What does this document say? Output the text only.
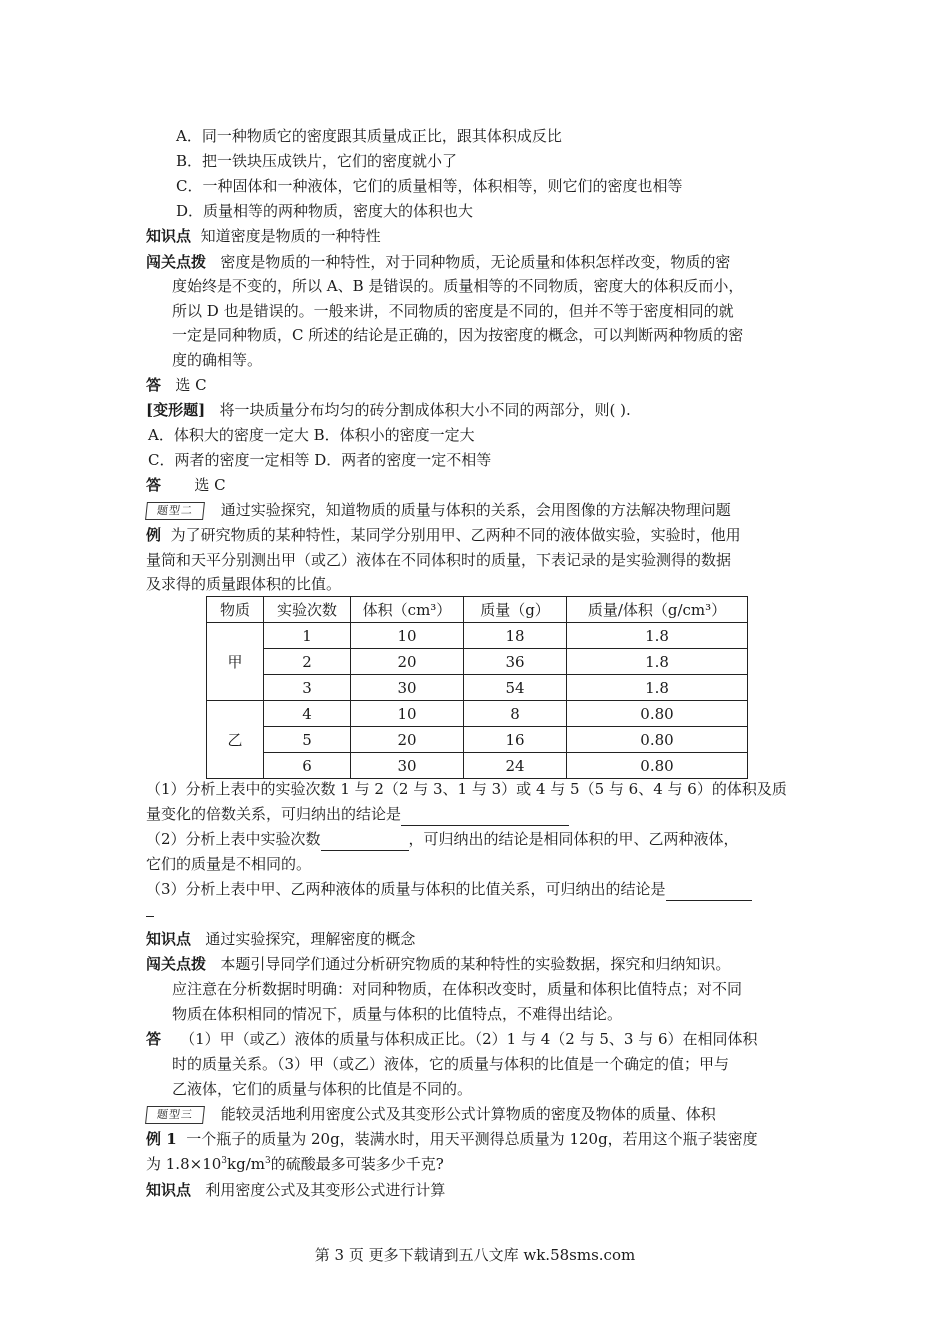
A．同一种物质它的密度跟其质量成正比，跟其体积成反比
B．把一铁块压成铁片，它们的密度就小了
C．一种固体和一种液体，它们的质量相等，体积相等，则它们的密度也相等
D．质量相等的两种物质，密度大的体积也大
知识点 知道密度是物质的一种特性
闯关点拨 密度是物质的一种特性，对于同种物质，无论质量和体积怎样改变，物质的密
度始终是不变的，所以 A、B 是错误的。质量相等的不同物质，密度大的体积反而小，
所以 D 也是错误的。一般来讲，不同物质的密度是不同的，但并不等于密度相同的就
一定是同种物质，C 所述的结论是正确的，因为按密度的概念，可以判断两种物质的密
度的确相等。
答 选 C
[变形题] 将一块质量分布均匀的砖分割成体积大小不同的两部分，则( ).
A．体积大的密度一定大 B．体积小的密度一定大
C．两者的密度一定相等 D．两者的密度一定不相等
答 选 C
题型二 通过实验探究，知道物质的质量与体积的关系，会用图像的方法解决物理问题
例 为了研究物质的某种特性，某同学分别用甲、乙两种不同的液体做实验，实验时，他用
量筒和天平分别测出甲（或乙）液体在不同体积时的质量，下表记录的是实验测得的数据
及求得的质量跟体积的比值。
物质	实验次数	体积（cm³）	质量（g）	质量/体积（g/cm³）
甲	1	10	18	1.8
	2	20	36	1.8
	3	30	54	1.8
乙	4	10	8	0.80
	5	20	16	0.80
	6	30	24	0.80
（1）分析上表中的实验次数 1 与 2（2 与 3、1 与 3）或 4 与 5（5 与 6、4 与 6）的体积及质
量变化的倍数关系，可归纳出的结论是
（2）分析上表中实验次数	，可归纳出的结论是相同体积的甲、乙两种液体，
它们的质量是不相同的。
（3）分析上表中甲、乙两种液体的质量与体积的比值关系，可归纳出的结论是
知识点 通过实验探究，理解密度的概念
闯关点拨 本题引导同学们通过分析研究物质的某种特性的实验数据，探究和归纳知识。
应注意在分析数据时明确：对同种物质，在体积改变时，质量和体积比值特点；对不同
物质在体积相同的情况下，质量与体积的比值特点，不难得出结论。
答 （1）甲（或乙）液体的质量与体积成正比。（2）1 与 4（2 与 5、3 与 6）在相同体积
时的质量关系。（3）甲（或乙）液体，它的质量与体积的比值是一个确定的值；甲与
乙液体，它们的质量与体积的比值是不同的。
题型三 能较灵活地利用密度公式及其变形公式计算物质的密度及物体的质量、体积
例 1 一个瓶子的质量为 20g，装满水时，用天平测得总质量为 120g，若用这个瓶子装密度
为 $1.8\times 10^3kg/m^3$的硫酸最多可装多少千克?
知识点 利用密度公式及其变形公式进行计算
第 3 页 更多下载请到五八文库 wk.58sms.com
